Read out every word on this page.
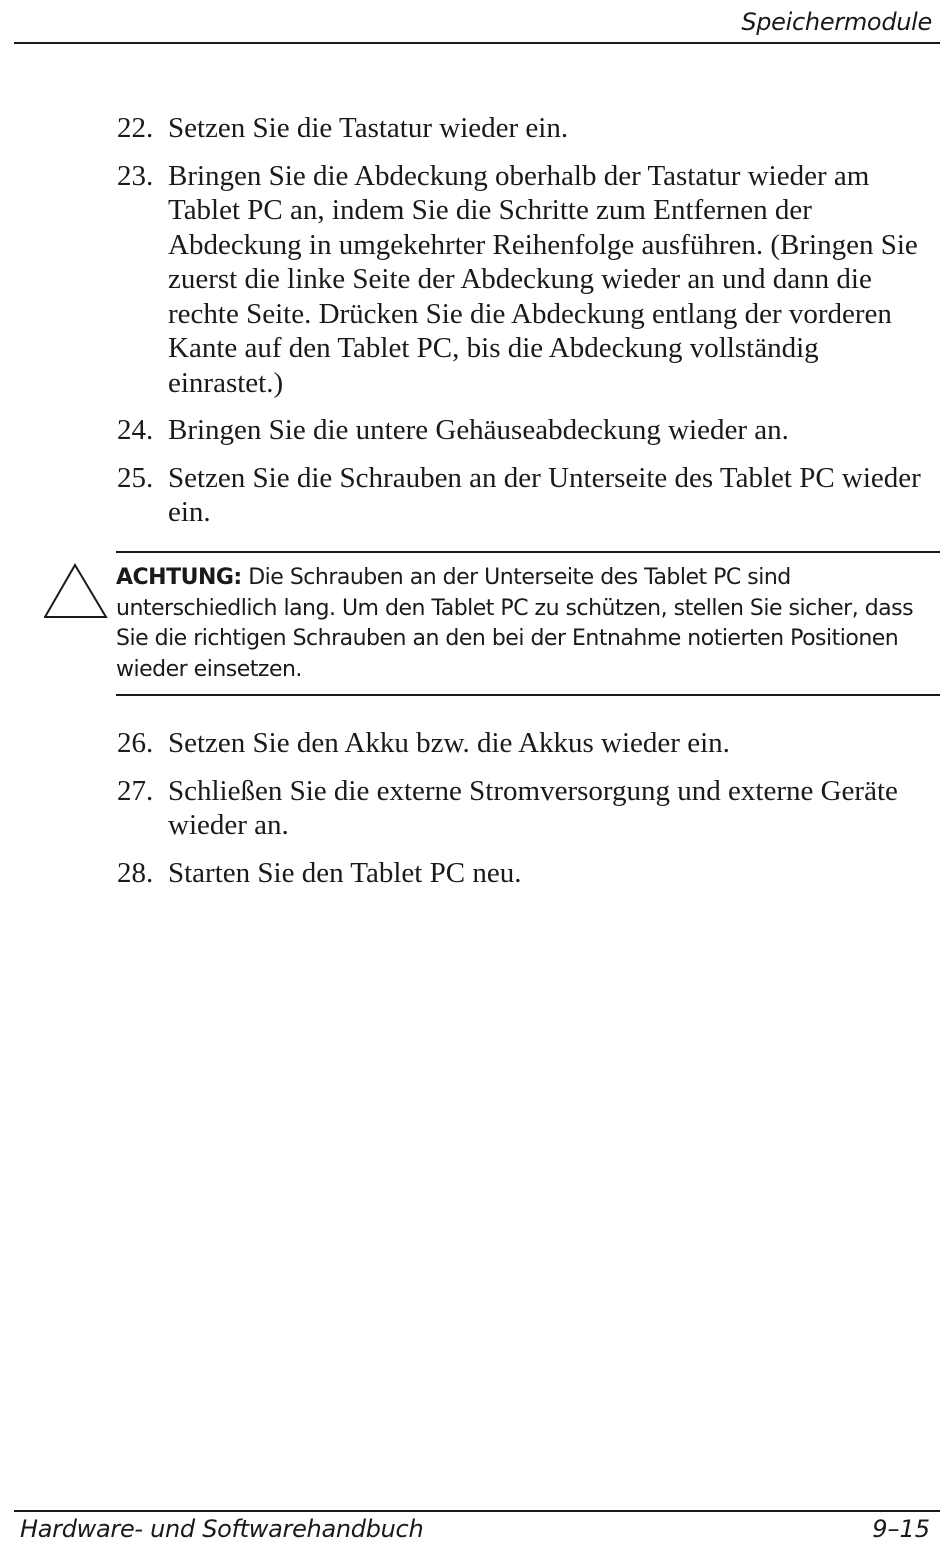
Speichermodule
22. Setzen Sie die Tastatur wieder ein.
23. Bringen Sie die Abdeckung oberhalb der Tastatur wieder am Tablet PC an, indem Sie die Schritte zum Entfernen der Abdeckung in umgekehrter Reihenfolge ausführen. (Bringen Sie zuerst die linke Seite der Abdeckung wieder an und dann die rechte Seite. Drücken Sie die Abdeckung entlang der vorderen Kante auf den Tablet PC, bis die Abdeckung vollständig einrastet.)
24. Bringen Sie die untere Gehäuseabdeckung wieder an.
25. Setzen Sie die Schrauben an der Unterseite des Tablet PC wieder ein.
ACHTUNG: Die Schrauben an der Unterseite des Tablet PC sind unterschiedlich lang. Um den Tablet PC zu schützen, stellen Sie sicher, dass Sie die richtigen Schrauben an den bei der Entnahme notierten Positionen wieder einsetzen.
26. Setzen Sie den Akku bzw. die Akkus wieder ein.
27. Schließen Sie die externe Stromversorgung und externe Geräte wieder an.
28. Starten Sie den Tablet PC neu.
Hardware- und Softwarehandbuch	9–15
